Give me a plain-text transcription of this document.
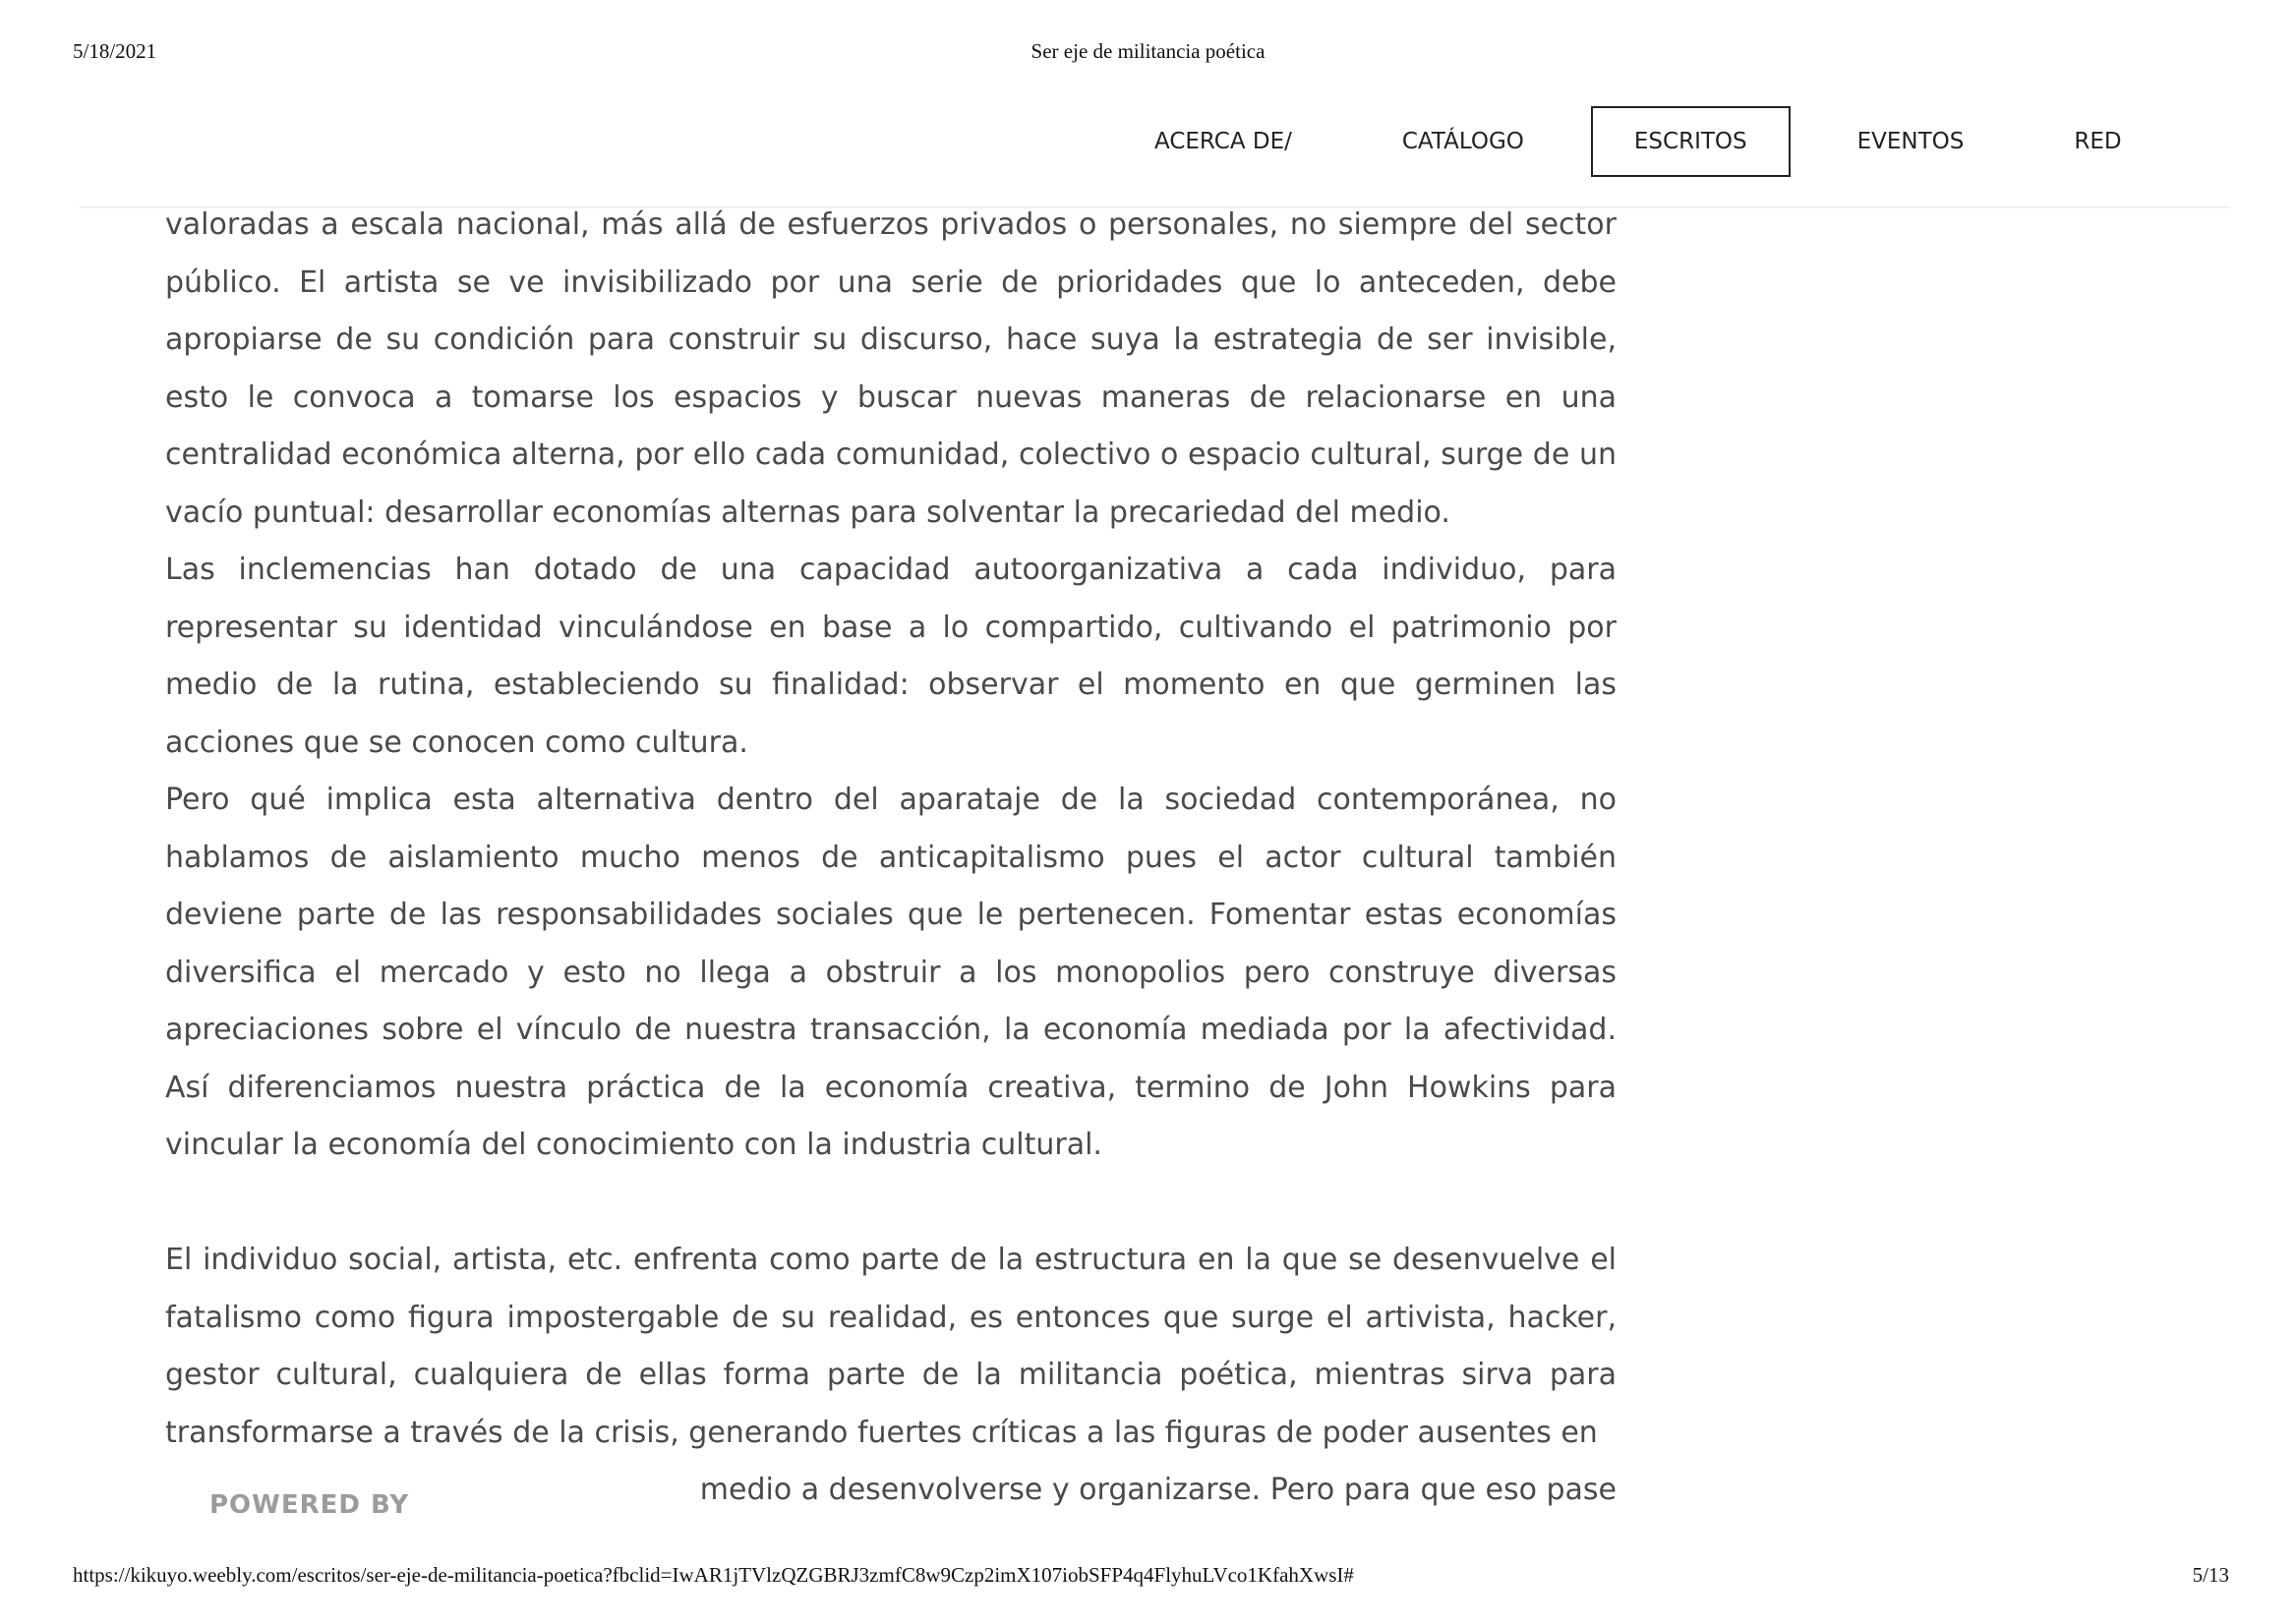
5/18/2021	Ser eje de militancia poética
ACERCA DE/	CATÁLOGO	ESCRITOS	EVENTOS	RED

valoradas a escala nacional, más allá de esfuerzos privados o personales, no siempre del sector público. El artista se ve invisibilizado por una serie de prioridades que lo anteceden, debe apropiarse de su condición para construir su discurso, hace suya la estrategia de ser invisible, esto le convoca a tomarse los espacios y buscar nuevas maneras de relacionarse en una centralidad económica alterna, por ello cada comunidad, colectivo o espacio cultural, surge de un vacío puntual: desarrollar economías alternas para solventar la precariedad del medio.

Las inclemencias han dotado de una capacidad autoorganizativa a cada individuo, para representar su identidad vinculándose en base a lo compartido, cultivando el patrimonio por medio de la rutina, estableciendo su finalidad: observar el momento en que germinen las acciones que se conocen como cultura.

Pero qué implica esta alternativa dentro del aparataje de la sociedad contemporánea, no hablamos de aislamiento mucho menos de anticapitalismo pues el actor cultural también deviene parte de las responsabilidades sociales que le pertenecen. Fomentar estas economías diversifica el mercado y esto no llega a obstruir a los monopolios pero construye diversas apreciaciones sobre el vínculo de nuestra transacción, la economía mediada por la afectividad. Así diferenciamos nuestra práctica de la economía creativa, termino de John Howkins para vincular la economía del conocimiento con la industria cultural.

El individuo social, artista, etc. enfrenta como parte de la estructura en la que se desenvuelve el fatalismo como figura impostergable de su realidad, es entonces que surge el artivista, hacker, gestor cultural, cualquiera de ellas forma parte de la militancia poética, mientras sirva para transformarse a través de la crisis, generando fuertes críticas a las figuras de poder ausentes en

medio a desenvolverse y organizarse. Pero para que eso pase

POWERED BY
https://kikuyo.weebly.com/escritos/ser-eje-de-militancia-poetica?fbclid=IwAR1jTVlzQZGBRJ3zmfC8w9Czp2imX107iobSFP4q4FlyhuLVco1KfahXwsI#	5/13
